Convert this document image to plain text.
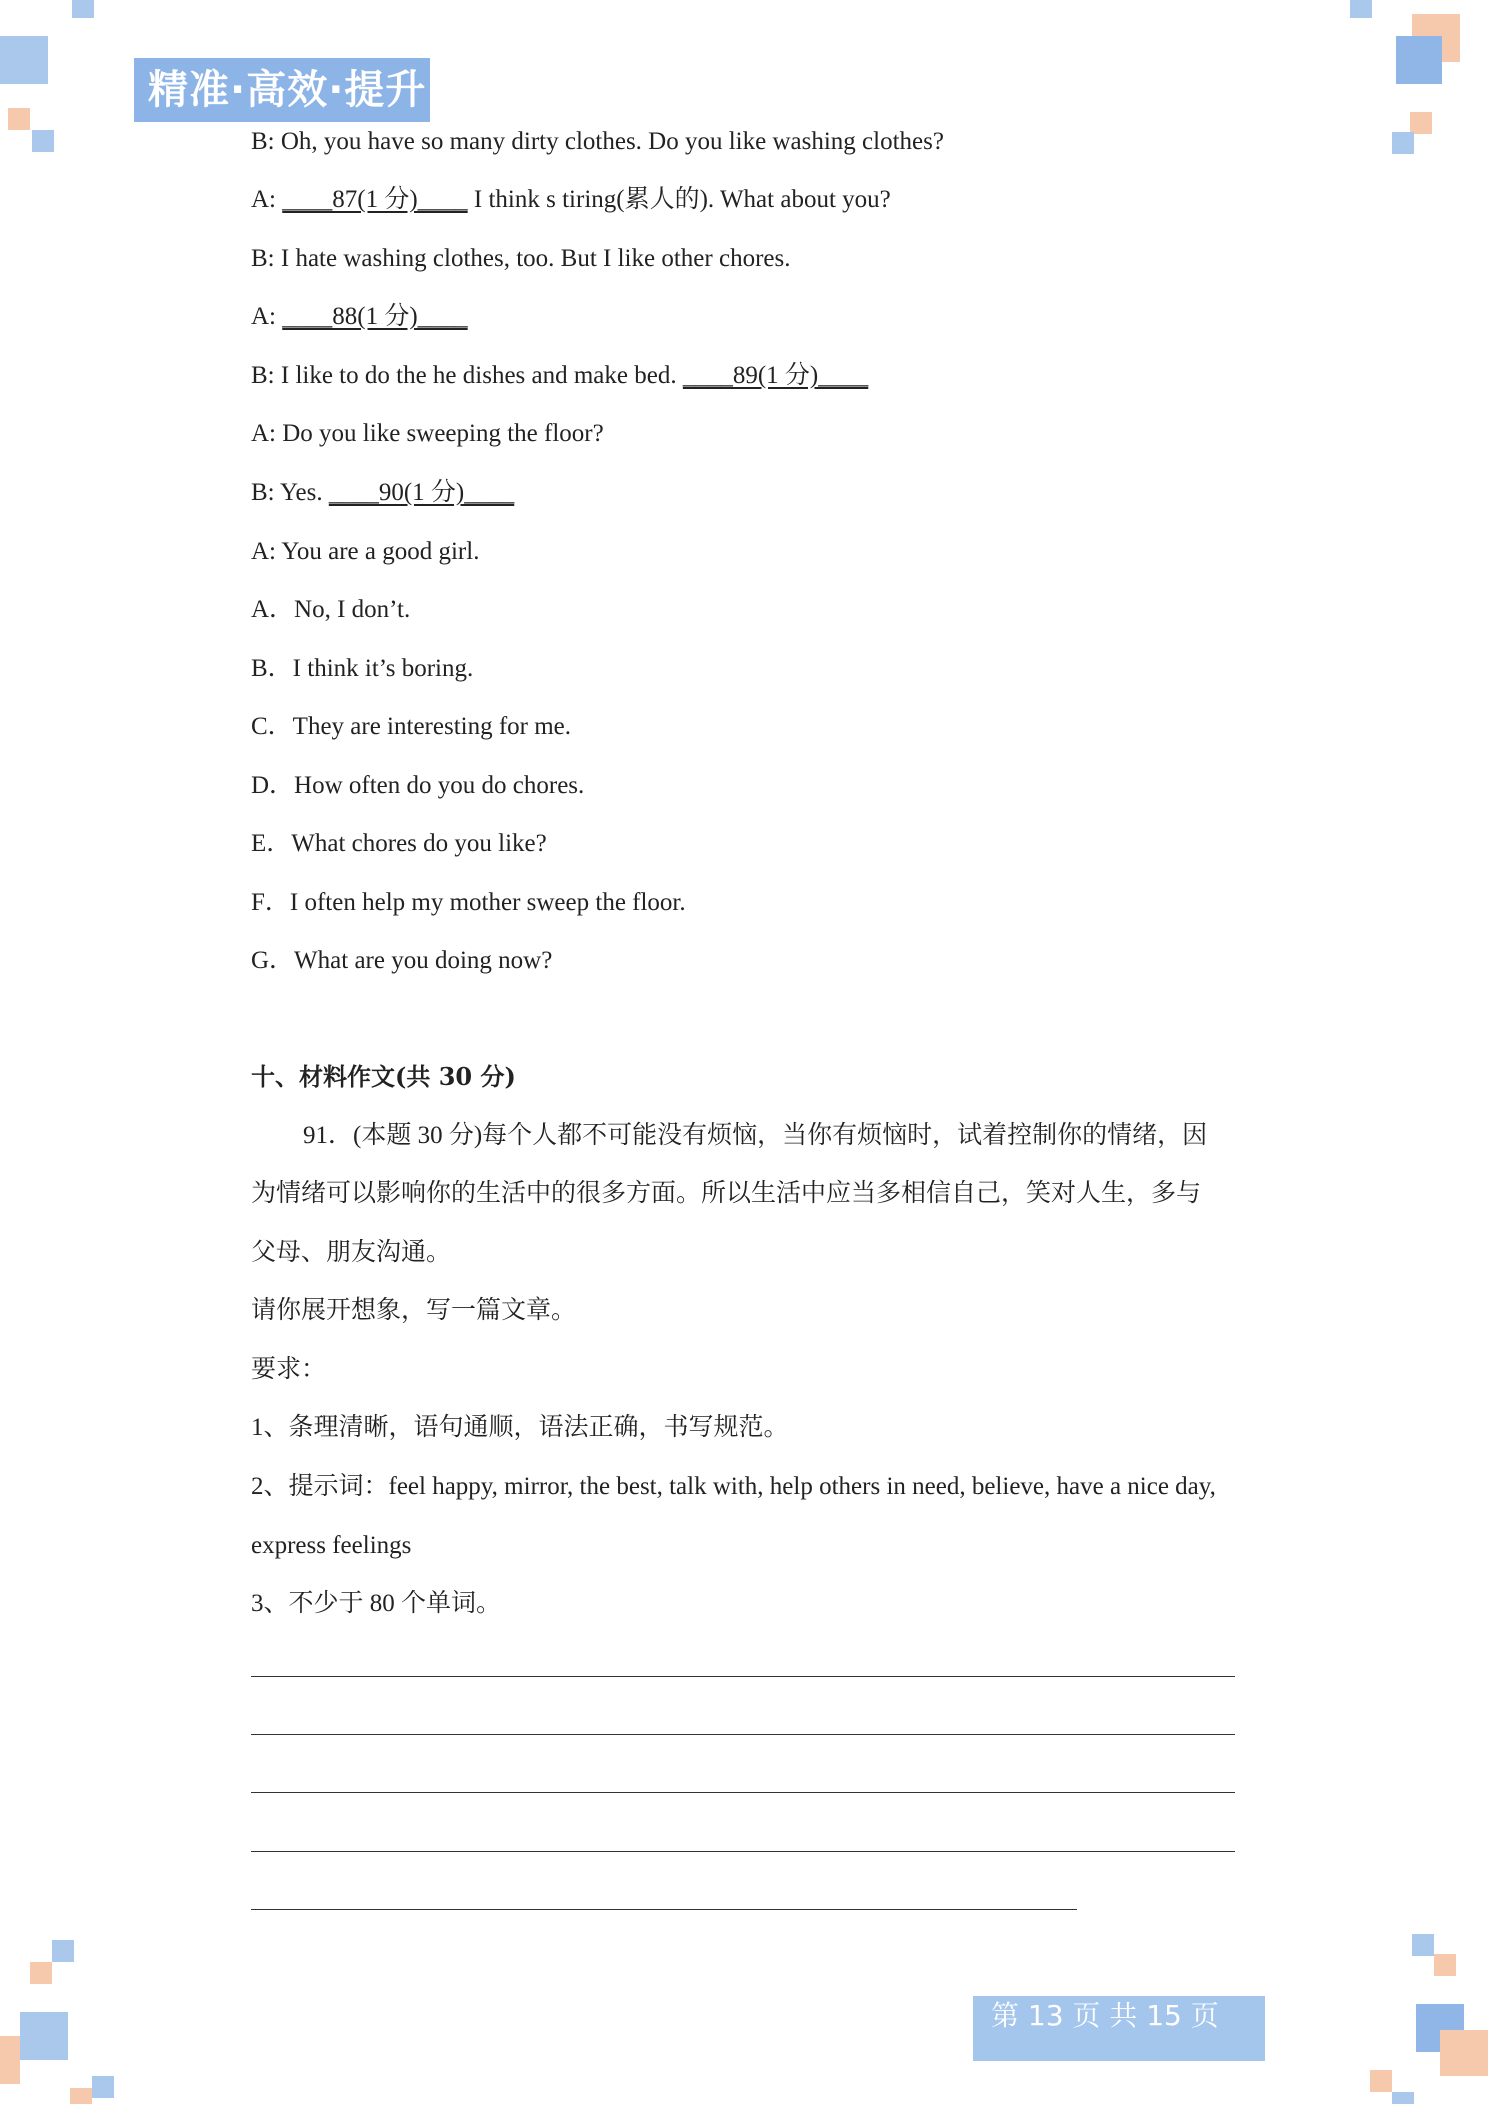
精准·高效·提升
B: Oh, you have so many dirty clothes. Do you like washing clothes?
A: ____87(1 分)____ I think s tiring(累人的). What about you?
B: I hate washing clothes, too. But I like other chores.
A: ____88(1 分)____
B: I like to do the he dishes and make bed. ____89(1 分)____
A: Do you like sweeping the floor?
B: Yes. ____90(1 分)____
A: You are a good girl.
A．No, I don’t.
B．I think it’s boring.
C．They are interesting for me.
D．How often do you do chores.
E．What chores do you like?
F．I often help my mother sweep the floor.
G．What are you doing now?
十、材料作文(共 30 分)
91．(本题 30 分)每个人都不可能没有烦恼，当你有烦恼时，试着控制你的情绪，因
为情绪可以影响你的生活中的很多方面。所以生活中应当多相信自己，笑对人生，多与
父母、朋友沟通。
请你展开想象，写一篇文章。
要求：
1、条理清晰，语句通顺，语法正确，书写规范。
2、提示词：feel happy, mirror, the best, talk with, help others in need, believe, have a nice day,
express feelings
3、不少于 80 个单词。
第 13 页 共 15 页
